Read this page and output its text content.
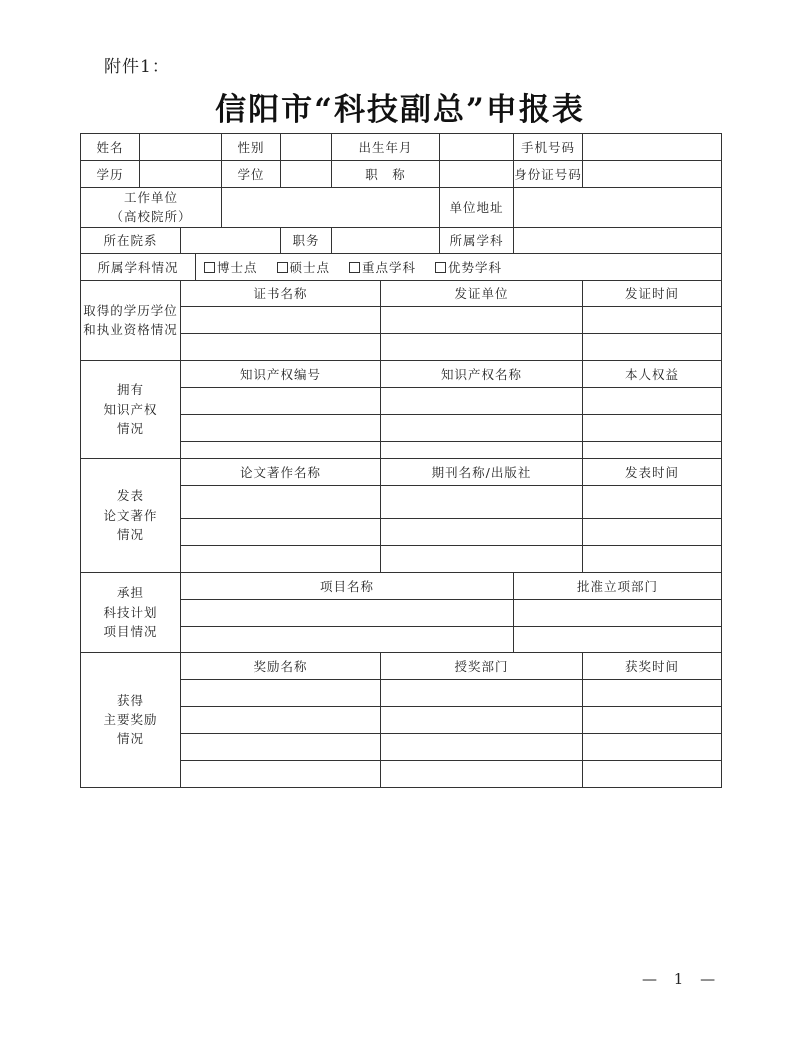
附件1：
信阳市“科技副总”申报表
姓名				性别		出生年月			手机号码	
学历				学位		职　称			身份证号码	

工作单位
（高校院所）								单位地址		
所在院系					职务			所属学科		
所属学科情况			博士点 硕士点 重点学科 优势学科							
取得的学历学位和执业资格情况		证书名称					发证单位			发证时间

拥有
知识产权
情况		知识产权编号					知识产权名称			本人权益

发表
论文著作
情况		论文著作名称					期刊名称/出版社			发表时间

承担
科技计划
项目情况		项目名称							批准立项部门	

获得
主要奖励
情况		奖励名称					授奖部门			获奖时间

— 1 —
